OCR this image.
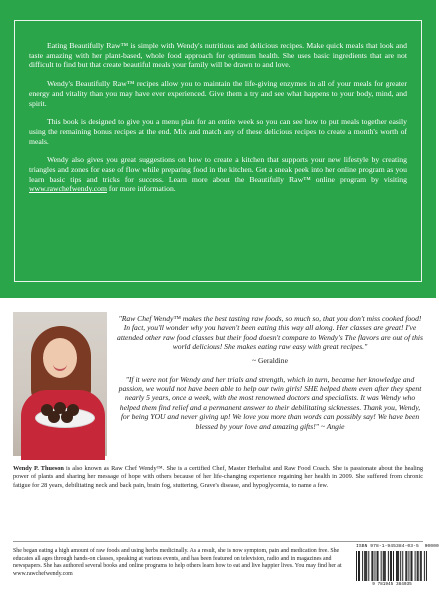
Eating Beautifully Raw™ is simple with Wendy's nutritious and delicious recipes. Make quick meals that look and taste amazing with her plant-based, whole food approach for optimum health. She uses basic ingredients that are not difficult to find but that create beautiful meals your family will be drawn to and love.

Wendy's Beautifully Raw™ recipes allow you to maintain the life-giving enzymes in all of your meals for greater energy and vitality than you may have ever experienced. Give them a try and see what happens to your body, mind, and spirit.

This book is designed to give you a menu plan for an entire week so you can see how to put meals together easily using the remaining bonus recipes at the end. Mix and match any of these delicious recipes to create a month's worth of meals.

Wendy also gives you great suggestions on how to create a kitchen that supports your new lifestyle by creating triangles and zones for ease of flow while preparing food in the kitchen. Get a sneak peek into her online program as you learn basic tips and tricks for success. Learn more about the Beautifully Raw™ online program by visiting www.rawchefwendy.com for more information.

"Raw Chef Wendy™ makes the best tasting raw foods, so much so, that you don't miss cooked food! In fact, you'll wonder why you haven't been eating this way all along. Her classes are great! I've attended other raw food classes but their food doesn't compare to Wendy's The flavors are out of this world delicious! She makes eating raw easy with great recipes."

~ Geraldine

"If it were not for Wendy and her trials and strength, which in turn, became her knowledge and passion, we would not have been able to help our twin girls! SHE helped them even after they spent nearly 5 years, once a week, with the most renowned doctors and specialists. It was Wendy who helped them find relief and a permanent answer to their debilitating sicknesses. Thank you, Wendy, for being YOU and never giving up! We love you more than words can possibly say! We have been blessed by your love and amazing gifts!" ~ Angie

Wendy P. Thueson is also known as Raw Chef Wendy™. She is a certified Chef, Master Herbalist and Raw Food Coach. She is passionate about the healing power of plants and sharing her message of hope with others because of her life-changing experience regaining her health in 2009. She suffered from chronic fatigue for 28 years, debilitating neck and back pain, brain fog, stuttering, Grave's disease, and hypoglycemia, to name a few.

She began eating a high amount of raw foods and using herbs medicinally. As a result, she is now symptom, pain and medication free. She educates all ages through hands-on classes, speaking at various events, and has been featured on television, radio and in magazines and newspapers. She has authored several books and online programs to help others learn how to eat and live happier lives. You may find her at www.rawchefwendy.com

ISBN 978-1-945384-03-5 90000
9 781945 384035
